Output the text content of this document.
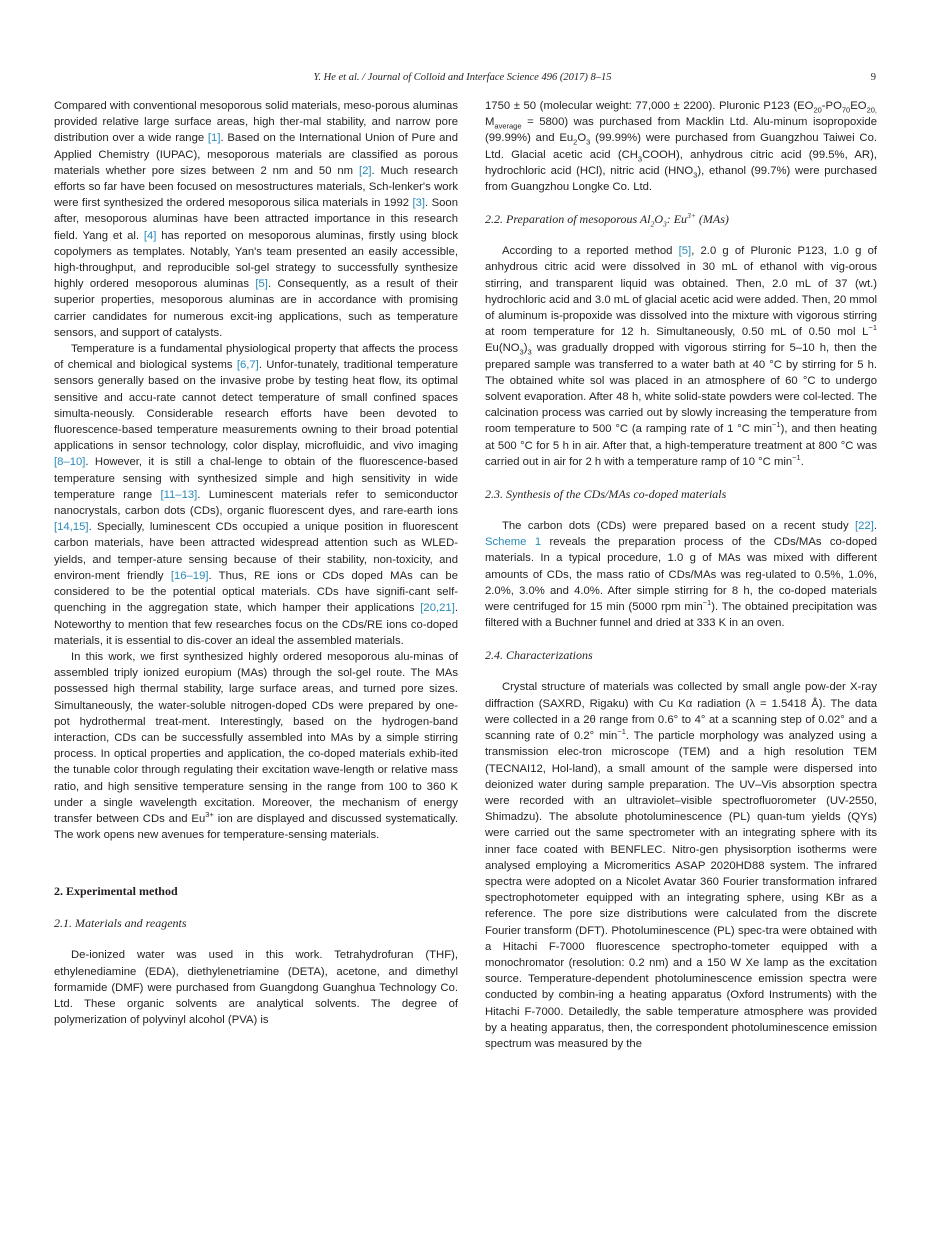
Y. He et al. / Journal of Colloid and Interface Science 496 (2017) 8–15	9

Compared with conventional mesoporous solid materials, meso-porous aluminas provided relative large surface areas, high ther-mal stability, and narrow pore distribution over a wide range [1]. Based on the International Union of Pure and Applied Chemistry (IUPAC), mesoporous materials are classified as porous materials whether pore sizes between 2 nm and 50 nm [2]. Much research efforts so far have been focused on mesostructures materials, Sch-lenker's work were first synthesized the ordered mesoporous silica materials in 1992 [3]. Soon after, mesoporous aluminas have been attracted importance in this research field. Yang et al. [4] has reported on mesoporous aluminas, firstly using block copolymers as templates. Notably, Yan's team presented an easily accessible, high-throughput, and reproducible sol-gel strategy to successfully synthesize highly ordered mesoporous aluminas [5]. Consequently, as a result of their superior properties, mesoporous aluminas are in accordance with promising carrier candidates for numerous excit-ing applications, such as temperature sensors, and support of catalysts.

Temperature is a fundamental physiological property that affects the process of chemical and biological systems [6,7]. Unfor-tunately, traditional temperature sensors generally based on the invasive probe by testing heat flow, its optimal sensitive and accu-rate cannot detect temperature of small confined spaces simulta-neously. Considerable research efforts have been devoted to fluorescence-based temperature measurements owning to their broad potential applications in sensor technology, color display, microfluidic, and vivo imaging [8–10]. However, it is still a chal-lenge to obtain of the fluorescence-based temperature sensing with synthesized simple and high sensitivity in wide temperature range [11–13]. Luminescent materials refer to semiconductor nanocrystals, carbon dots (CDs), organic fluorescent dyes, and rare-earth ions [14,15]. Specially, luminescent CDs occupied a unique position in fluorescent carbon materials, have been attracted widespread attention such as WLED-yields, and temper-ature sensing because of their stability, non-toxicity, and environ-ment friendly [16–19]. Thus, RE ions or CDs doped MAs can be considered to be the potential optical materials. CDs have signifi-cant self-quenching in the aggregation state, which hamper their applications [20,21]. Noteworthy to mention that few researches focus on the CDs/RE ions co-doped materials, it is essential to dis-cover an ideal the assembled materials.

In this work, we first synthesized highly ordered mesoporous alu-minas of assembled triply ionized europium (MAs) through the sol-gel route. The MAs possessed high thermal stability, large surface areas, and turned pore sizes. Simultaneously, the water-soluble nitrogen-doped CDs were prepared by one-pot hydrothermal treat-ment. Interestingly, based on the hydrogen-band interaction, CDs can be successfully assembled into MAs by a simple stirring process. In optical properties and application, the co-doped materials exhib-ited the tunable color through regulating their excitation wave-length or relative mass ratio, and high sensitive temperature sensing in the range from 100 to 360 K under a single wavelength excitation. Moreover, the mechanism of energy transfer between CDs and $Eu^{3+}$ ion are displayed and discussed systematically. The work opens new avenues for temperature-sensing materials.

2. Experimental method
2.1. Materials and reagents

De-ionized water was used in this work. Tetrahydrofuran (THF), ethylenediamine (EDA), diethylenetriamine (DETA), acetone, and dimethyl formamide (DMF) were purchased from Guangdong Guanghua Technology Co. Ltd. These organic solvents are analytical solvents. The degree of polymerization of polyvinyl alcohol (PVA) is

1750 ± 50 (molecular weight: 77,000 ± 2200). Pluronic P123 ($EO_{20}-PO_{70}EO_{20,}$ $M_{average} = 5800$) was purchased from Macklin Ltd. Alu-minum isopropoxide (99.99%) and $Eu_2O_3$ (99.99%) were purchased from Guangzhou Taiwei Co. Ltd. Glacial acetic acid $(CH_3COOH)$, anhydrous citric acid (99.5%, AR), hydrochloric acid (HCl), nitric acid $(HNO_3)$, ethanol (99.7%) were purchased from Guangzhou Longke Co. Ltd.

2.2. Preparation of mesoporous $Al_2O_3$: $Eu^{3+}$ (MAs)

According to a reported method [5], 2.0 g of Pluronic P123, 1.0 g of anhydrous citric acid were dissolved in 30 mL of ethanol with vig-orous stirring, and transparent liquid was obtained. Then, 2.0 mL of 37 (wt.) hydrochloric acid and 3.0 mL of glacial acetic acid were added. Then, 20 mmol of aluminum is-propoxide was dissolved into the mixture with vigorous stirring at room temperature for 12 h. Simultaneously, 0.50 mL of 0.50 mol $L^{-1}$ $Eu(NO_3)_3$ was gradually dropped with vigorous stirring for 5–10 h, then the prepared sample was transferred to a water bath at 40 °C by stirring for 5 h. The obtained white sol was placed in an atmosphere of 60 °C to undergo solvent evaporation. After 48 h, white solid-state powders were col-lected. The calcination process was carried out by slowly increasing the temperature from room temperature to 500 °C (a ramping rate of 1 °C $\min^{-1}$), and then heating at 500 °C for 5 h in air. After that, a high-temperature treatment at 800 °C was carried out in air for 2 h with a temperature ramp of 10 °C $\min^{-1}$.

2.3. Synthesis of the CDs/MAs co-doped materials

The carbon dots (CDs) were prepared based on a recent study [22]. Scheme 1 reveals the preparation process of the CDs/MAs co-doped materials. In a typical procedure, 1.0 g of MAs was mixed with different amounts of CDs, the mass ratio of CDs/MAs was reg-ulated to 0.5%, 1.0%, 2.0%, 3.0% and 4.0%. After simple stirring for 8 h, the co-doped materials were centrifuged for 15 min (5000 rpm $\min^{-1}$). The obtained precipitation was filtered with a Buchner funnel and dried at 333 K in an oven.

2.4. Characterizations

Crystal structure of materials was collected by small angle pow-der X-ray diffraction (SAXRD, Rigaku) with Cu Kα radiation (λ = 1.5418 Å). The data were collected in a 2θ range from 0.6° to 4° at a scanning step of 0.02° and a scanning rate of 0.2° $\min^{-1}$. The particle morphology was analyzed using a transmission elec-tron microscope (TEM) and a high resolution TEM (TECNAI12, Hol-land), a small amount of the sample were dispersed into deionized water during sample preparation. The UV–Vis absorption spectra were recorded with an ultraviolet–visible spectrofluorometer (UV-2550, Shimadzu). The absolute photoluminescence (PL) quan-tum yields (QYs) were carried out the same spectrometer with an integrating sphere with its inner face coated with BENFLEC. Nitro-gen physisorption isotherms were analysed employing a Micromeritics ASAP 2020HD88 system. The infrared spectra were adopted on a Nicolet Avatar 360 Fourier transformation infrared spectrophotometer equipped with an integrating sphere, using KBr as a reference. The pore size distributions were calculated from the discrete Fourier transform (DFT). Photoluminescence (PL) spec-tra were obtained with a Hitachi F-7000 fluorescence spectropho-tometer equipped with a monochromator (resolution: 0.2 nm) and a 150 W Xe lamp as the excitation source. Temperature-dependent photoluminescence emission spectra were conducted by combin-ing a heating apparatus (Oxford Instruments) with the Hitachi F-7000. Detailedly, the sable temperature atmosphere was provided by a heating apparatus, then, the correspondent photoluminescence emission spectrum was measured by the
